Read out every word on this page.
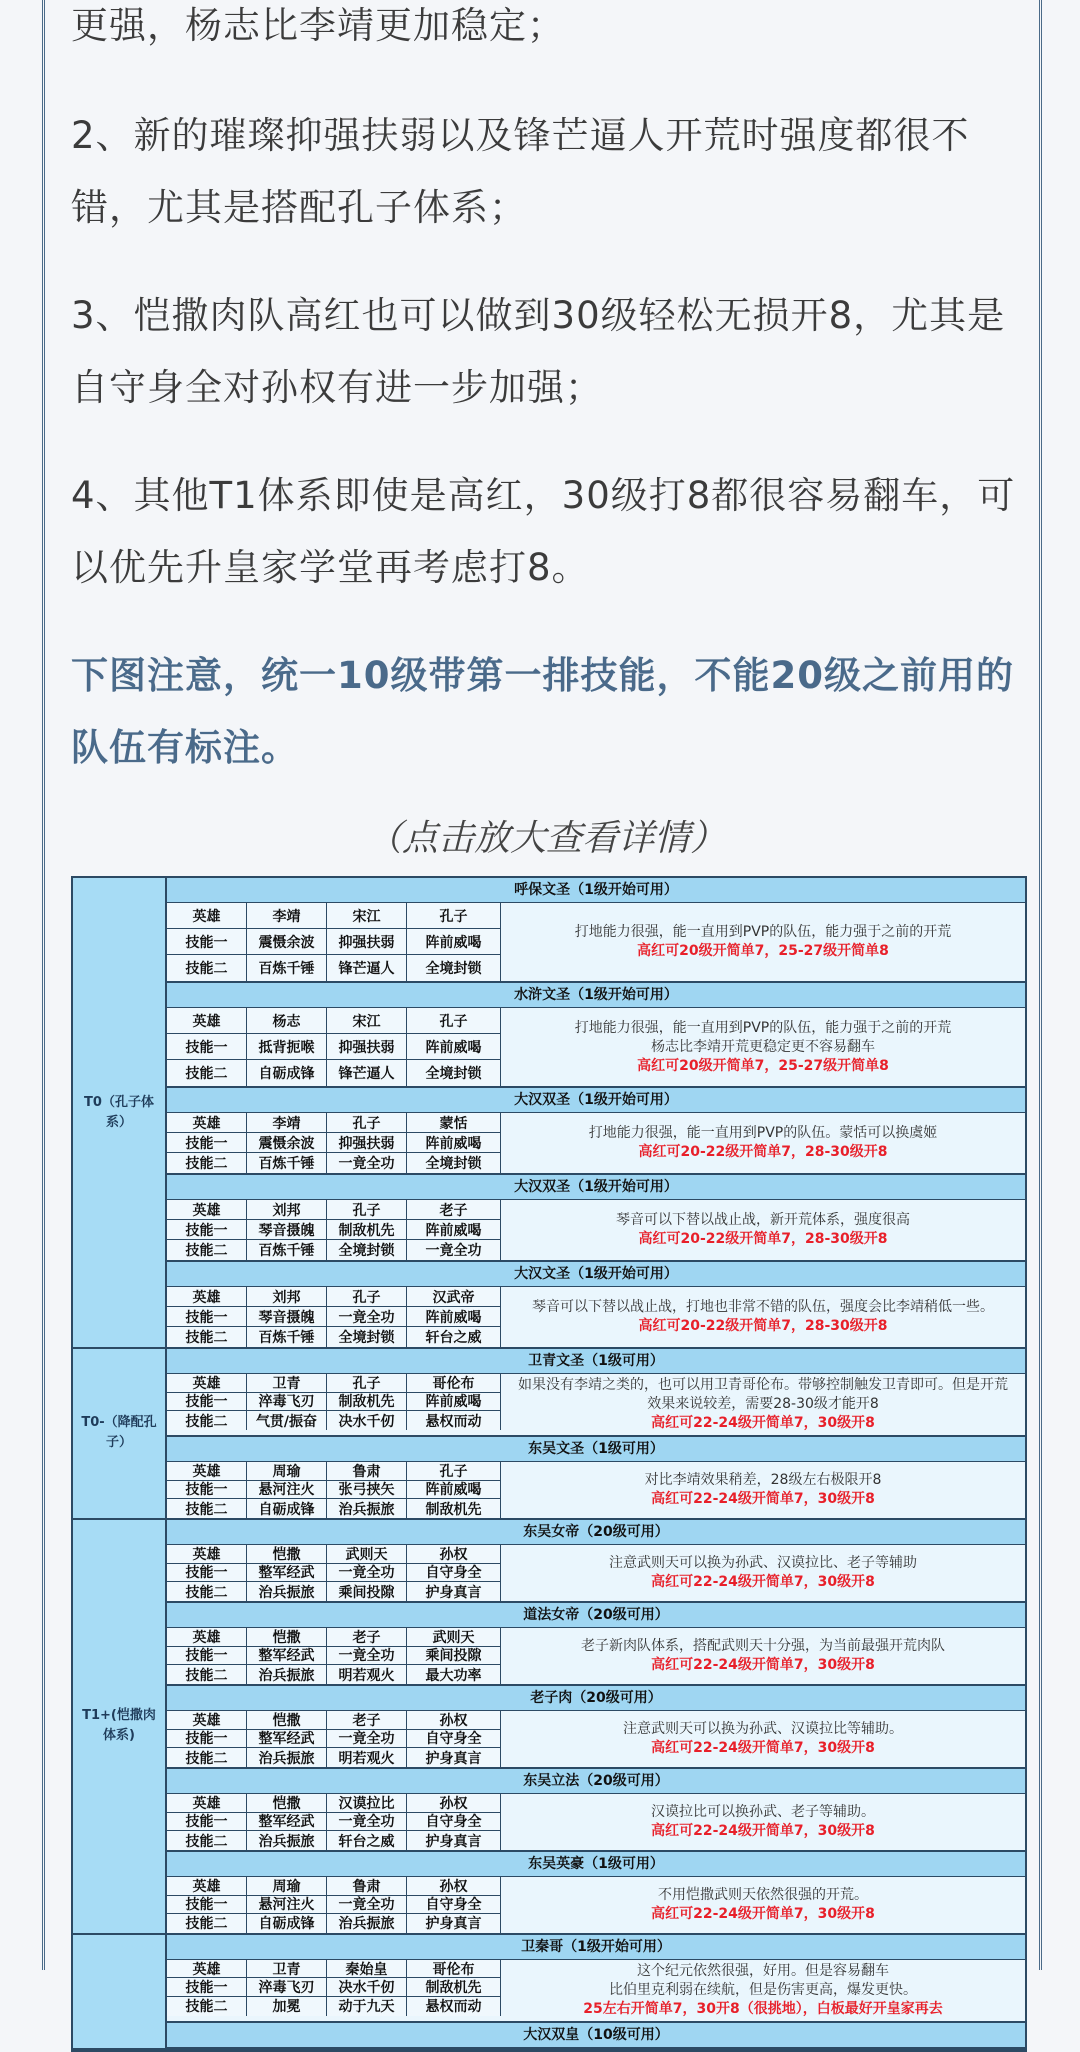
更强，杨志比李靖更加稳定；

2、新的璀璨抑强扶弱以及锋芒逼人开荒时强度都很不错，尤其是搭配孔子体系；

3、恺撒肉队高红也可以做到30级轻松无损开8，尤其是自守身全对孙权有进一步加强；

4、其他T1体系即使是高红，30级打8都很容易翻车，可以优先升皇家学堂再考虑打8。

下图注意，统一10级带第一排技能，不能20级之前用的队伍有标注。

（点击放大查看详情）
T0（孔子体系）
呼保文圣（1级开始可用）
英雄	李靖	宋江	孔子
技能一	震慑余波	抑强扶弱	阵前威喝
技能二	百炼千锤	锋芒逼人	全境封锁
打地能力很强，能一直用到PVP的队伍，能力强于之前的开荒
高红可20级开简单7，25-27级开简单8
水浒文圣（1级开始可用）
英雄	杨志	宋江	孔子
技能一	抵背扼喉	抑强扶弱	阵前威喝
技能二	自砺成锋	锋芒逼人	全境封锁
打地能力很强，能一直用到PVP的队伍，能力强于之前的开荒
杨志比李靖开荒更稳定更不容易翻车
高红可20级开简单7，25-27级开简单8
大汉双圣（1级开始可用）
英雄	李靖	孔子	蒙恬
技能一	震慑余波	抑强扶弱	阵前威喝
技能二	百炼千锤	一竟全功	全境封锁
打地能力很强，能一直用到PVP的队伍。蒙恬可以换虞姬
高红可20-22级开简单7，28-30级开8
大汉双圣（1级开始可用）
英雄	刘邦	孔子	老子
技能一	琴音摄魄	制敌机先	阵前威喝
技能二	百炼千锤	全境封锁	一竟全功
琴音可以下替以战止战，新开荒体系，强度很高
高红可20-22级开简单7，28-30级开8
大汉文圣（1级开始可用）
英雄	刘邦	孔子	汉武帝
技能一	琴音摄魄	一竟全功	阵前威喝
技能二	百炼千锤	全境封锁	轩台之威
琴音可以下替以战止战，打地也非常不错的队伍，强度会比李靖稍低一些。
高红可20-22级开简单7，28-30级开8
T0-（降配孔子）
卫青文圣（1级可用）
英雄	卫青	孔子	哥伦布
技能一	淬毒飞刃	制敌机先	阵前威喝
技能二	气贯/振奋	决水千仞	悬权而动
如果没有李靖之类的，也可以用卫青哥伦布。带够控制触发卫青即可。但是开荒
效果来说较差，需要28-30级才能开8
高红可22-24级开简单7，30级开8
东吴文圣（1级可用）
英雄	周瑜	鲁肃	孔子
技能一	悬河注火	张弓挟矢	阵前威喝
技能二	自砺成锋	治兵振旅	制敌机先
对比李靖效果稍差，28级左右极限开8
高红可22-24级开简单7，30级开8
T1+(恺撒肉体系)
东吴女帝（20级可用）
英雄	恺撒	武则天	孙权
技能一	整军经武	一竟全功	自守身全
技能二	治兵振旅	乘间投隙	护身真言
注意武则天可以换为孙武、汉谟拉比、老子等辅助
高红可22-24级开简单7，30级开8
道法女帝（20级可用）
英雄	恺撒	老子	武则天
技能一	整军经武	一竟全功	乘间投隙
技能二	治兵振旅	明若观火	最大功率
老子新肉队体系，搭配武则天十分强，为当前最强开荒肉队
高红可22-24级开简单7，30级开8
老子肉（20级可用）
英雄	恺撒	老子	孙权
技能一	整军经武	一竟全功	自守身全
技能二	治兵振旅	明若观火	护身真言
注意武则天可以换为孙武、汉谟拉比等辅助。
高红可22-24级开简单7，30级开8
东吴立法（20级可用）
英雄	恺撒	汉谟拉比	孙权
技能一	整军经武	一竟全功	自守身全
技能二	治兵振旅	轩台之威	护身真言
汉谟拉比可以换孙武、老子等辅助。
高红可22-24级开简单7，30级开8
东吴英豪（1级可用）
英雄	周瑜	鲁肃	孙权
技能一	悬河注火	一竟全功	自守身全
技能二	自砺成锋	治兵振旅	护身真言
不用恺撒武则天依然很强的开荒。
高红可22-24级开简单7，30级开8
卫秦哥（1级开始可用）
英雄	卫青	秦始皇	哥伦布
技能一	淬毒飞刃	决水千仞	制敌机先
技能二	加冕	动于九天	悬权而动
这个纪元依然很强，好用。但是容易翻车
比伯里克利弱在续航，但是伤害更高，爆发更快。
25左右开简单7，30开8（很挑地），白板最好开皇家再去
大汉双皇（10级可用）
